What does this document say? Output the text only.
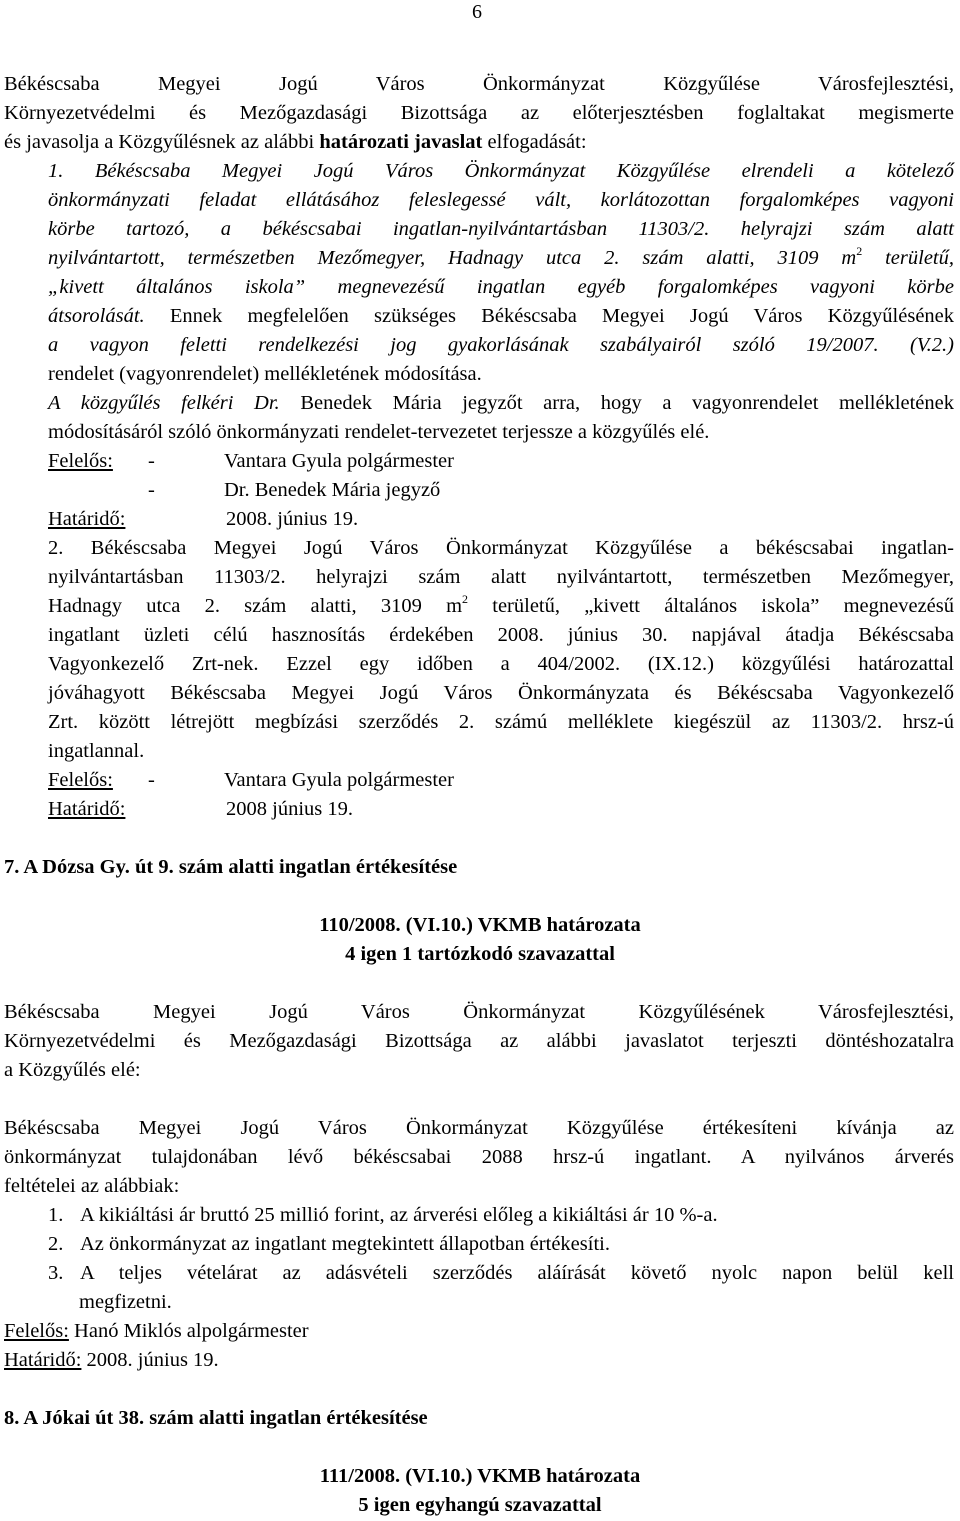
6
Békéscsaba Megyei Jogú Város Önkormányzat Közgyűlése Városfejlesztési,
Környezetvédelmi és Mezőgazdasági Bizottsága az előterjesztésben foglaltakat megismerte
és javasolja a Közgyűlésnek az alábbi határozati javaslat elfogadását:
1. Békéscsaba Megyei Jogú Város Önkormányzat Közgyűlése elrendeli a kötelező
önkormányzati feladat ellátásához feleslegessé vált, korlátozottan forgalomképes vagyoni
körbe tartozó, a békéscsabai ingatlan-nyilvántartásban 11303/2. helyrajzi szám alatt
nyilvántartott, természetben Mezőmegyer, Hadnagy utca 2. szám alatti, 3109 $m^2$ területű,
„kivett általános iskola” megnevezésű ingatlan egyéb forgalomképes vagyoni körbe
átsorolását. Ennek megfelelően szükséges Békéscsaba Megyei Jogú Város Közgyűlésének
a vagyon feletti rendelkezési jog gyakorlásának szabályairól szóló 19/2007. (V.2.)
rendelet (vagyonrendelet) mellékletének módosítása.
A közgyűlés felkéri Dr. Benedek Mária jegyzőt arra, hogy a vagyonrendelet mellékletének
módosításáról szóló önkormányzati rendelet-tervezetet terjessze a közgyűlés elé.
Felelős: -	Vantara Gyula polgármester
-	Dr. Benedek Mária jegyző
Határidő:	2008. június 19.
2. Békéscsaba Megyei Jogú Város Önkormányzat Közgyűlése a békéscsabai ingatlan-
nyilvántartásban 11303/2. helyrajzi szám alatt nyilvántartott, természetben Mezőmegyer,
Hadnagy utca 2. szám alatti, 3109 $m^2$ területű, „kivett általános iskola” megnevezésű
ingatlant üzleti célú hasznosítás érdekében 2008. június 30. napjával átadja Békéscsaba
Vagyonkezelő Zrt-nek. Ezzel egy időben a 404/2002. (IX.12.) közgyűlési határozattal
jóváhagyott Békéscsaba Megyei Jogú Város Önkormányzata és Békéscsaba Vagyonkezelő
Zrt. között létrejött megbízási szerződés 2. számú melléklete kiegészül az 11303/2. hrsz-ú
ingatlannal.
Felelős: -	Vantara Gyula polgármester
Határidő:	2008 június 19.
7. A Dózsa Gy. út 9. szám alatti ingatlan értékesítése
110/2008. (VI.10.) VKMB határozata
4 igen 1 tartózkodó szavazattal
Békéscsaba Megyei Jogú Város Önkormányzat Közgyűlésének Városfejlesztési,
Környezetvédelmi és Mezőgazdasági Bizottsága az alábbi javaslatot terjeszti döntéshozatalra
a Közgyűlés elé:
Békéscsaba Megyei Jogú Város Önkormányzat Közgyűlése értékesíteni kívánja az
önkormányzat tulajdonában lévő békéscsabai 2088 hrsz-ú ingatlant. A nyilvános árverés
feltételei az alábbiak:
1. A kikiáltási ár bruttó 25 millió forint, az árverési előleg a kikiáltási ár 10 %-a.
2. Az önkormányzat az ingatlant megtekintett állapotban értékesíti.
3. A teljes vételárat az adásvételi szerződés aláírását követő nyolc napon belül kell
megfizetni.
Felelős: Hanó Miklós alpolgármester
Határidő: 2008. június 19.
8. A Jókai út 38. szám alatti ingatlan értékesítése
111/2008. (VI.10.) VKMB határozata
5 igen egyhangú szavazattal
